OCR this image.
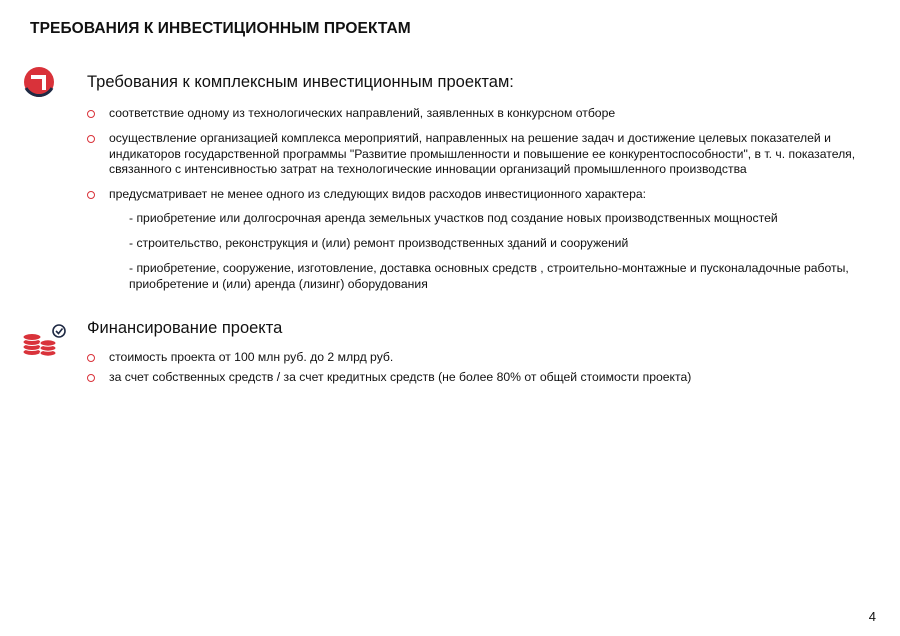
ТРЕБОВАНИЯ К ИНВЕСТИЦИОННЫМ ПРОЕКТАМ
Требования к комплексным инвестиционным проектам:
соответствие одному из технологических направлений, заявленных в конкурсном отборе
осуществление организацией комплекса мероприятий, направленных на решение задач и достижение целевых показателей и индикаторов государственной программы "Развитие промышленности и повышение ее конкурентоспособности", в т. ч. показателя, связанного с интенсивностью затрат на технологические инновации организаций промышленного производства
предусматривает не менее одного из следующих видов расходов инвестиционного характера:
- приобретение или долгосрочная аренда земельных участков под создание новых производственных мощностей
- строительство, реконструкция и (или) ремонт производственных зданий и сооружений
- приобретение, сооружение, изготовление, доставка основных средств , строительно-монтажные и пусконаладочные работы, приобретение и (или) аренда (лизинг) оборудования
Финансирование проекта
стоимость проекта от 100 млн руб. до 2 млрд руб.
за счет собственных средств / за счет кредитных средств (не более 80% от общей стоимости проекта)
4
